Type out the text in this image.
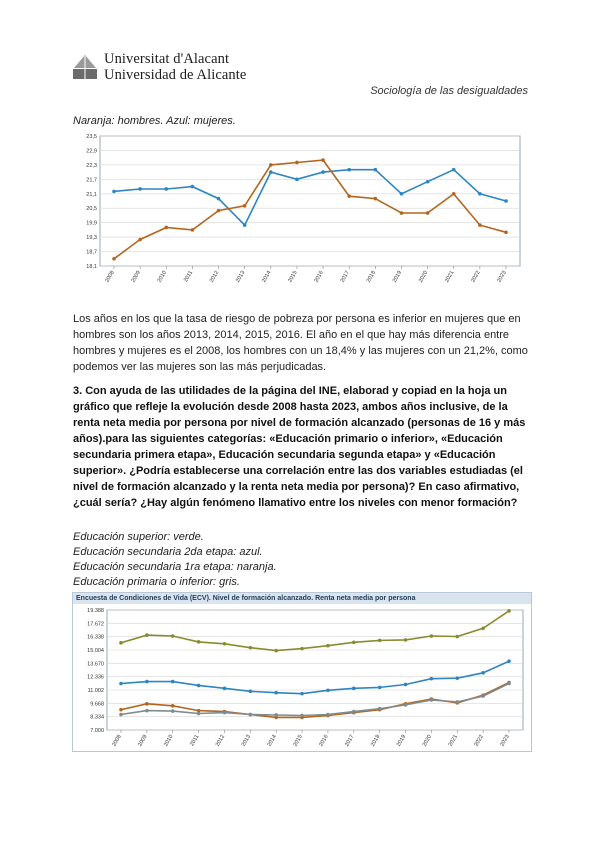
Universitat d'Alacant
Universidad de Alicante
Sociología de las desigualdades
Naranja: hombres. Azul: mujeres.
23,5
22,9
22,3
21,7
21,1
20,5
19,9
19,3
18,7
18,1
2008	2009	2010	2011	2012	2013	2014	2015	2016	2017	2018	2019	2020	2021	2022	2023
Los años en los que la tasa de riesgo de pobreza por persona es inferior en mujeres que en hombres son los años 2013, 2014, 2015, 2016. El año en el que hay más diferencia entre hombres y mujeres es el 2008, los hombres con un 18,4% y las mujeres con un 21,2%, como podemos ver las mujeres son las más perjudicadas.
3. Con ayuda de las utilidades de la página del INE, elaborad y copiad en la hoja un gráfico que refleje la evolución desde 2008 hasta 2023, ambos años inclusive, de la renta neta media por persona por nivel de formación alcanzado (personas de 16 y más años).para las siguientes categorías: «Educación primario o inferior», «Educación secundaria primera etapa», Educación secundaria segunda etapa» y «Educación superior». ¿Podría establecerse una correlación entre las dos variables estudiadas (el nivel de formación alcanzado y la renta neta media por persona)? En caso afirmativo, ¿cuál sería? ¿Hay algún fenómeno llamativo entre los niveles con menor formación?
Educación superior: verde.
Educación secundaria 2da etapa: azul.
Educación secundaria 1ra etapa: naranja.
Educación primaria o inferior: gris.
Encuesta de Condiciones de Vida (ECV). Nivel de formación alcanzado. Renta neta media por persona
19.388
17.672
16.338
15.004
13.670
12.336
11.002
9.668
8.334
7.000
2008	2009	2010	2011	2012	2013	2014	2015	2016	2017	2018	2019	2020	2021	2022	2023
